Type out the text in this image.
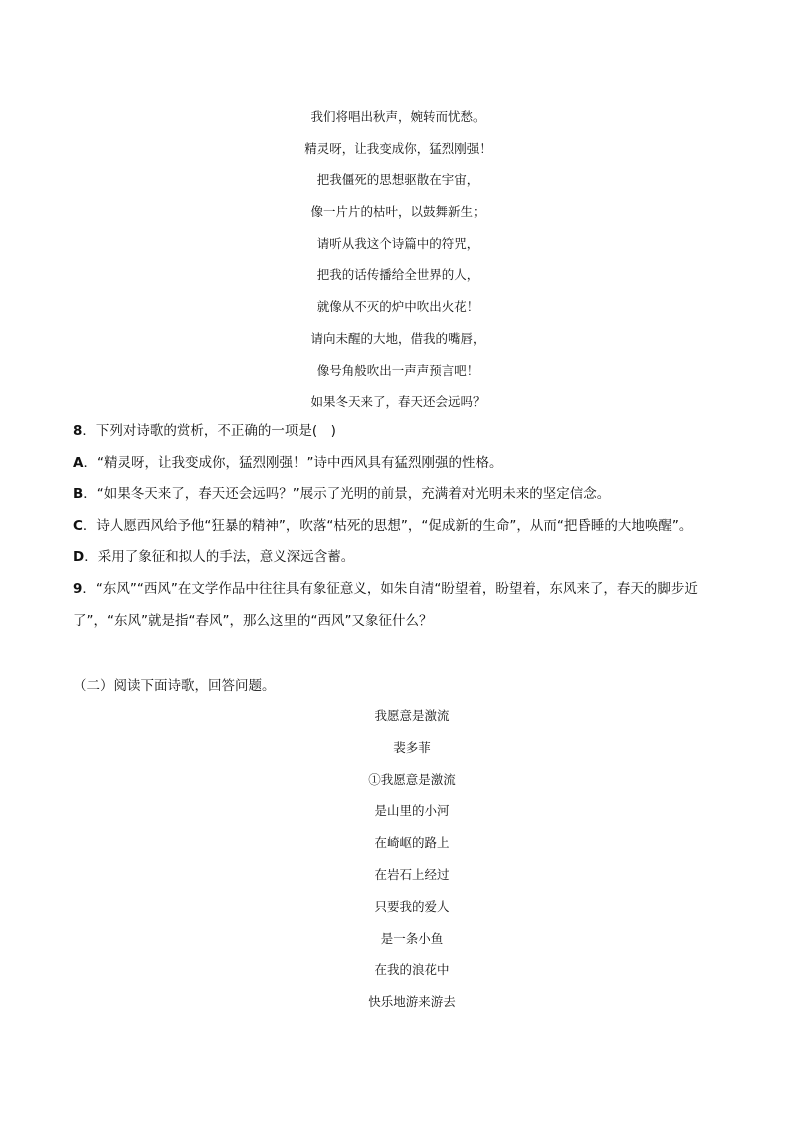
我们将唱出秋声，婉转而忧愁。
精灵呀，让我变成你，猛烈刚强！
把我僵死的思想驱散在宇宙，
像一片片的枯叶，以鼓舞新生；
请听从我这个诗篇中的符咒，
把我的话传播给全世界的人，
就像从不灭的炉中吹出火花！
请向未醒的大地，借我的嘴唇，
像号角般吹出一声声预言吧！
如果冬天来了，春天还会远吗？

8．下列对诗歌的赏析，不正确的一项是(　)

A．“精灵呀，让我变成你，猛烈刚强！”诗中西风具有猛烈刚强的性格。

B．“如果冬天来了，春天还会远吗？”展示了光明的前景，充满着对光明未来的坚定信念。

C．诗人愿西风给予他“狂暴的精神”，吹落“枯死的思想”，“促成新的生命”，从而“把昏睡的大地唤醒”。

D．采用了象征和拟人的手法，意义深远含蓄。

9．“东风”“西风”在文学作品中往往具有象征意义，如朱自清“盼望着，盼望着，东风来了，春天的脚步近了”，“东风”就是指“春风”，那么这里的“西风”又象征什么？

（二）阅读下面诗歌，回答问题。
我愿意是激流
裴多菲
①我愿意是激流
是山里的小河
在崎岖的路上
在岩石上经过
只要我的爱人
是一条小鱼
在我的浪花中
快乐地游来游去
